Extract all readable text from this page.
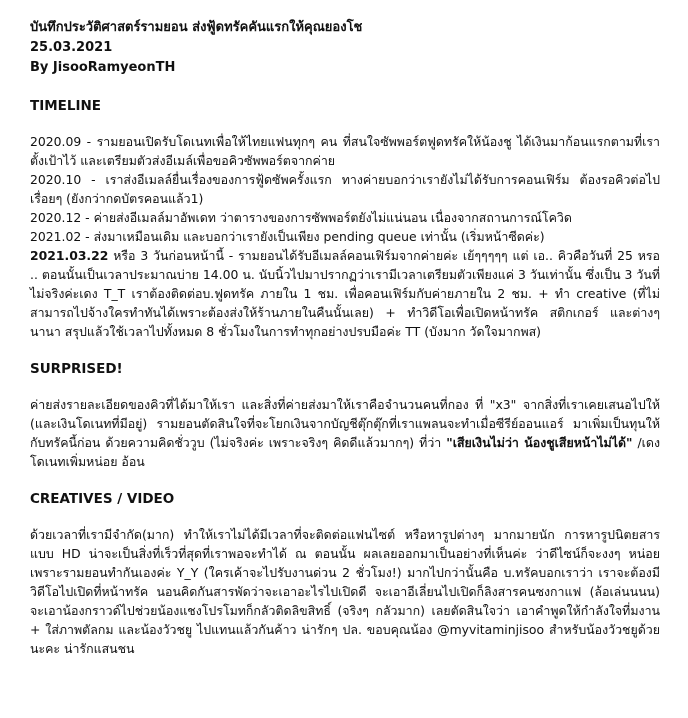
บันทึกประวัติศาสตร์รามยอน ส่งฟู้ดทรัคคันแรกให้คุณยองโช
25.03.2021
By JisooRamyeonTH
TIMELINE
2020.09 - รามยอนเปิดรับโดเนทเพื่อให้ไทยแฟนทุกๆ คน ที่สนใจซัพพอร์ตฟูดทรัคให้น้องชู ได้เงินมาก้อนแรกตามที่เราตั้งเป้าไว้ และเตรียมตัวส่งอีเมล์เพื่อขอคิวซัพพอร์ตจากค่าย
2020.10 - เราส่งอีเมลล์ยื่นเรื่องของการฟู้ดซัพครั้งแรก ทางค่ายบอกว่าเรายังไม่ได้รับการคอนเฟิร์ม ต้องรอคิวต่อไปเรื่อยๆ (ยังกว่ากดบัตรคอนแล้ว1)
2020.12 - ค่ายส่งอีเมลล์มาอัพเดท ว่าตารางของการซัพพอร์ตยังไม่แน่นอน เนื่องจากสถานการณ์โควิด
2021.02 - ส่งมาเหมือนเดิม และบอกว่าเรายังเป็นเพียง pending queue เท่านั้น (เริ่มหน้าซีดค่ะ)
2021.03.22 หรือ 3 วันก่อนหน้านี้ - รามยอนได้รับอีเมลล์คอนเฟิร์มจากค่ายค่ะ เย้ๆๆๆๆๆ แต่ เอ.. คิวคือวันที่ 25 หรอ .. ตอนนั้นเป็นเวลาประมาณบ่าย 14.00 น. นับนิ้วไปมาปรากฏว่าเรามีเวลาเตรียมตัวเพียงแค่ 3 วันเท่านั้น ซึ่งเป็น 3 วันที่ไม่จริงค่ะเดง T_T เราต้องติดต่อบ.ฟูดทรัค ภายใน 1 ชม. เพื่อคอนเฟิร์มกับค่ายภายใน 2 ชม. + ทำ creative (ที่ไม่สามารถไปจ้างใครทำทันได้เพราะต้องส่งให้ร้านภายในคืนนั้นเลย) + ทำวิดีโอเพื่อเปิดหน้าทรัค สติกเกอร์ และต่างๆ นานา สรุปแล้วใช้เวลาไปทั้งหมด 8 ชั่วโมงในการทำทุกอย่างปรบมือค่ะ TT (บังมาก วัดใจมากพส)
SURPRISED!
ค่ายส่งรายละเอียดของคิวที่ได้มาให้เรา และสิ่งที่ค่ายส่งมาให้เราคือจำนวนคนที่กอง ที่ "x3" จากสิ่งที่เราเคยเสนอไปให้ (และเงินโดเนทที่มีอยู่) รามยอนตัดสินใจที่จะโยกเงินจากบัญชีตุ๊กตุ๊กที่เราแพลนจะทำเมื่อซีรีย์ออนแอร์ มาเพิ่มเป็นทุนให้กับทรัคนี้ก่อน ด้วยความคิดชั่ววูบ (ไม่จริงค่ะ เพราะจริงๆ คิดดีแล้วมากๆ) ที่ว่า "เสียเงินไม่ว่า น้องชูเสียหน้าไม่ได้" /เดงโดเนทเพิ่มหน่อย อ้อน
CREATIVES / VIDEO
ด้วยเวลาที่เรามีจำกัด(มาก) ทำให้เราไม่ได้มีเวลาที่จะติดต่อแฟนไซต์ หรือหารูปต่างๆ มากมายนัก การหารูปนิตยสารแบบ HD น่าจะเป็นสิ่งที่เร็วที่สุดที่เราพอจะทำได้ ณ ตอนนั้น ผลเลยออกมาเป็นอย่างที่เห็นค่ะ ว่าดีไซน์ก็จะงงๆ หน่อย เพราะรามยอนทำกันเองค่ะ Y_Y (ใครเค้าจะไปรับงานด่วน 2 ชั่วโมง!) มากไปกว่านั้นคือ บ.ทรัคบอกเราว่า เราจะต้องมีวิดีโอไปเปิดที่หน้าทรัค นอนคิดกันสารพัดว่าจะเอาอะไรไปเปิดดี จะเอาอีเลี่ยนไปเปิดก็ลิงสารคนซงกาแฟ (ล้อเล่นนนน) จะเอาน้องกราวด์ไปช่วยน้องแชงโปรโมทก็กลัวติดลิขสิทธิ์ (จริงๆ กลัวมาก) เลยตัดสินใจว่า เอาคำพูดให้กำลังใจที่มงาน + ใส่ภาพตัลกม และน้องวัวชยู ไปแทนแล้วกันค้าว น่ารักๆ ปล. ขอบคุณน้อง @myvitaminjisoo สำหรับน้องวัวชยูด้วยนะคะ น่ารักแสนชน
